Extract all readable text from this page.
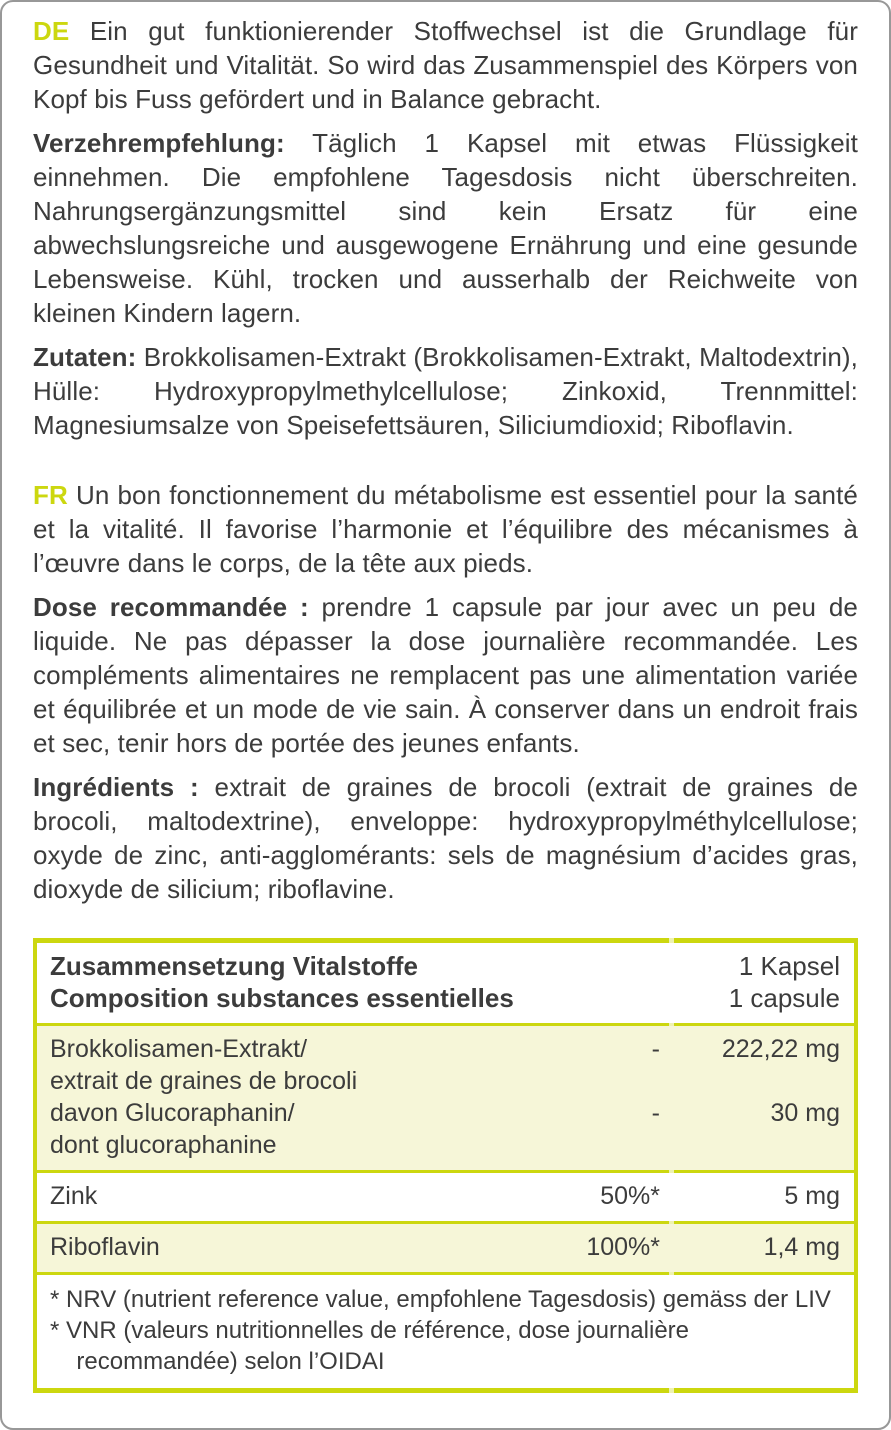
DE Ein gut funktionierender Stoffwechsel ist die Grundlage für Gesundheit und Vitalität. So wird das Zusammenspiel des Körpers von Kopf bis Fuss gefördert und in Balance gebracht.

Verzehrempfehlung: Täglich 1 Kapsel mit etwas Flüssigkeit einnehmen. Die empfohlene Tagesdosis nicht überschreiten. Nahrungsergänzungsmittel sind kein Ersatz für eine abwechslungsreiche und ausgewogene Ernährung und eine gesunde Lebensweise. Kühl, trocken und ausserhalb der Reichweite von kleinen Kindern lagern.

Zutaten: Brokkolisamen-Extrakt (Brokkolisamen-Extrakt, Maltodextrin), Hülle: Hydroxypropylmethylcellulose; Zinkoxid, Trennmittel: Magnesiumsalze von Speisefettsäuren, Siliciumdioxid; Riboflavin.

FR Un bon fonctionnement du métabolisme est essentiel pour la santé et la vitalité. Il favorise l’harmonie et l’équilibre des mécanismes à l’œuvre dans le corps, de la tête aux pieds.

Dose recommandée : prendre 1 capsule par jour avec un peu de liquide. Ne pas dépasser la dose journalière recommandée. Les compléments alimentaires ne remplacent pas une alimentation variée et équilibrée et un mode de vie sain. À conserver dans un endroit frais et sec, tenir hors de portée des jeunes enfants.

Ingrédients : extrait de graines de brocoli (extrait de graines de brocoli, maltodextrine), enveloppe: hydroxypropylméthylcellulose; oxyde de zinc, anti-agglomérants: sels de magnésium d’acides gras, dioxyde de silicium; riboflavine.

Zusammensetzung Vitalstoffe
Composition substances essentielles
1 Kapsel
1 capsule
Brokkolisamen-Extrakt/
extrait de graines de brocoli
-	222,22 mg
davon Glucoraphanin/
dont glucoraphanine
-	30 mg
Zink	50%*	5 mg
Riboflavin	100%*	1,4 mg
* NRV (nutrient reference value, empfohlene Tagesdosis) gemäss der LIV
* VNR (valeurs nutritionnelles de référence, dose journalière recommandée) selon l’OIDAI
